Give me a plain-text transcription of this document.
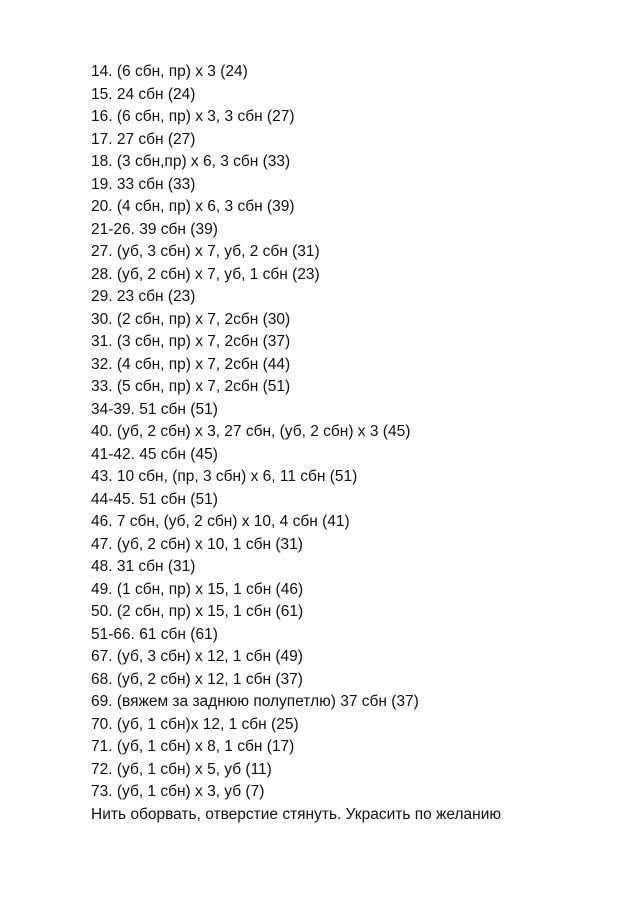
14. (6 сбн, пр) х 3 (24)
15. 24 сбн (24)
16. (6 сбн, пр) х 3, 3 сбн (27)
17. 27 сбн (27)
18. (3 сбн,пр) х 6, 3 сбн (33)
19. 33 сбн (33)
20. (4 сбн, пр) х 6, 3 сбн (39)
21-26. 39 сбн (39)
27. (уб, 3 сбн) х 7, уб, 2 сбн (31)
28. (уб, 2 сбн) х 7, уб, 1 сбн (23)
29. 23 сбн (23)
30. (2 сбн, пр) х 7, 2сбн (30)
31. (3 сбн, пр) х 7, 2сбн (37)
32. (4 сбн, пр) х 7, 2сбн (44)
33. (5 сбн, пр) х 7, 2сбн (51)
34-39. 51 сбн (51)
40. (уб, 2 сбн) х 3, 27 сбн, (уб, 2 сбн) х 3 (45)
41-42. 45 сбн (45)
43. 10 сбн, (пр, 3 сбн) х 6, 11 сбн (51)
44-45. 51 сбн (51)
46. 7 сбн, (уб, 2 сбн) х 10, 4 сбн (41)
47. (уб, 2 сбн) х 10, 1 сбн (31)
48. 31 сбн (31)
49. (1 сбн, пр) х 15, 1 сбн (46)
50. (2 сбн, пр) х 15, 1 сбн (61)
51-66. 61 сбн (61)
67. (уб, 3 сбн) х 12, 1 сбн (49)
68. (уб, 2 сбн) х 12, 1 сбн (37)
69. (вяжем за заднюю полупетлю) 37 сбн (37)
70. (уб, 1 сбн)х 12, 1 сбн (25)
71. (уб, 1 сбн) х 8, 1 сбн (17)
72. (уб, 1 сбн) х 5, уб (11)
73. (уб, 1 сбн) х 3, уб (7)
Нить оборвать, отверстие стянуть. Украсить по желанию
